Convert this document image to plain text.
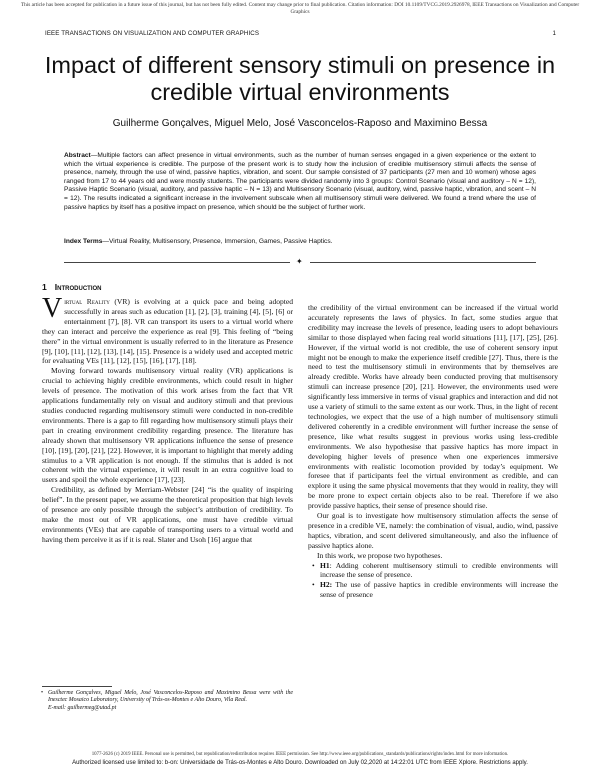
This article has been accepted for publication in a future issue of this journal, but has not been fully edited. Content may change prior to final publication. Citation information: DOI 10.1109/TVCG.2019.2926978, IEEE Transactions on Visualization and Computer Graphics
IEEE TRANSACTIONS ON VISUALIZATION AND COMPUTER GRAPHICS	1
Impact of different sensory stimuli on presence in credible virtual environments
Guilherme Gonçalves, Miguel Melo, José Vasconcelos-Raposo and Maximino Bessa
Abstract—Multiple factors can affect presence in virtual environments, such as the number of human senses engaged in a given experience or the extent to which the virtual experience is credible. The purpose of the present work is to study how the inclusion of credible multisensory stimuli affects the sense of presence, namely, through the use of wind, passive haptics, vibration, and scent. Our sample consisted of 37 participants (27 men and 10 women) whose ages ranged from 17 to 44 years old and were mostly students. The participants were divided randomly into 3 groups: Control Scenario (visual and auditory – N = 12), Passive Haptic Scenario (visual, auditory, and passive haptic – N = 13) and Multisensory Scenario (visual, auditory, wind, passive haptic, vibration, and scent – N = 12). The results indicated a significant increase in the involvement subscale when all multisensory stimuli were delivered. We found a trend where the use of passive haptics by itself has a positive impact on presence, which should be the subject of further work.
Index Terms—Virtual Reality, Multisensory, Presence, Immersion, Games, Passive Haptics.
✦
1 Introduction

Virtual Reality (VR) is evolving at a quick pace and being adopted successfully in areas such as education [1], [2], [3], training [4], [5], [6] or entertainment [7], [8]. VR can transport its users to a virtual world where they can interact and perceive the experience as real [9]. This feeling of “being there” in the virtual environment is usually referred to in the literature as Presence [9], [10], [11], [12], [13], [14], [15]. Presence is a widely used and accepted metric for evaluating VEs [11], [12], [15], [16], [17], [18].

Moving forward towards multisensory virtual reality (VR) applications is crucial to achieving highly credible environments, which could result in higher levels of presence. The motivation of this work arises from the fact that VR applications fundamentally rely on visual and auditory stimuli and that previous studies conducted regarding multisensory stimuli were conducted in non-credible environments. There is a gap to fill regarding how multisensory stimuli plays their part in creating environment credibility regarding presence. The literature has already shown that multisensory VR applications influence the sense of presence [10], [19], [20], [21], [22]. However, it is important to highlight that merely adding stimulus to a VR application is not enough. If the stimulus that is added is not coherent with the virtual experience, it will result in an extra cognitive load to users and spoil the whole experience [17], [23].

Credibility, as defined by Merriam-Webster [24] “is the quality of inspiring belief”. In the present paper, we assume the theoretical proposition that high levels of presence are only possible through the subject’s attribution of credibility. To make the most out of VR applications, one must have credible virtual environments (VEs) that are capable of transporting users to a virtual world and having them perceive it as if it is real. Slater and Usoh [16] argue that

• Guilherme Gonçalves, Miguel Melo, José Vasconcelos-Raposo and Maximino Bessa were with the Inesctec Mosaico Laboratory, University of Trás-os-Montes e Alto Douro, Vila Real.
E-mail: guilhermeg@utad.pt

the credibility of the virtual environment can be increased if the virtual world accurately represents the laws of physics. In fact, some studies argue that credibility may increase the levels of presence, leading users to adopt behaviours similar to those displayed when facing real world situations [11], [17], [25], [26]. However, if the virtual world is not credible, the use of coherent sensory input might not be enough to make the experience itself credible [27]. Thus, there is the need to test the multisensory stimuli in environments that by themselves are already credible. Works have already been conducted proving that multisensory stimuli can increase presence [20], [21]. However, the environments used were significantly less immersive in terms of visual graphics and interaction and did not use a variety of stimuli to the same extent as our work. Thus, in the light of recent technologies, we expect that the use of a high number of multisensory stimuli delivered coherently in a credible environment will further increase the sense of presence, like what results suggest in previous works using less-credible environments. We also hypothesise that passive haptics has more impact in developing higher levels of presence when one experiences immersive environments with realistic locomotion provided by today’s equipment. We foresee that if participants feel the virtual environment as credible, and can explore it using the same physical movements that they would in reality, they will be more prone to expect certain objects also to be real. Therefore if we also provide passive haptics, their sense of presence should rise.

Our goal is to investigate how multisensory stimulation affects the sense of presence in a credible VE, namely: the combination of visual, audio, wind, passive haptics, vibration, and scent delivered simultaneously, and also the influence of passive haptics alone.

In this work, we propose two hypotheses.

• H1: Adding coherent multisensory stimuli to credible environments will increase the sense of presence.
• H2: The use of passive haptics in credible environments will increase the sense of presence
1077-2626 (c) 2019 IEEE. Personal use is permitted, but republication/redistribution requires IEEE permission. See http://www.ieee.org/publications_standards/publications/rights/index.html for more information.
Authorized licensed use limited to: b-on: Universidade de Trás-os-Montes e Alto Douro. Downloaded on July 02,2020 at 14:22:01 UTC from IEEE Xplore. Restrictions apply.
